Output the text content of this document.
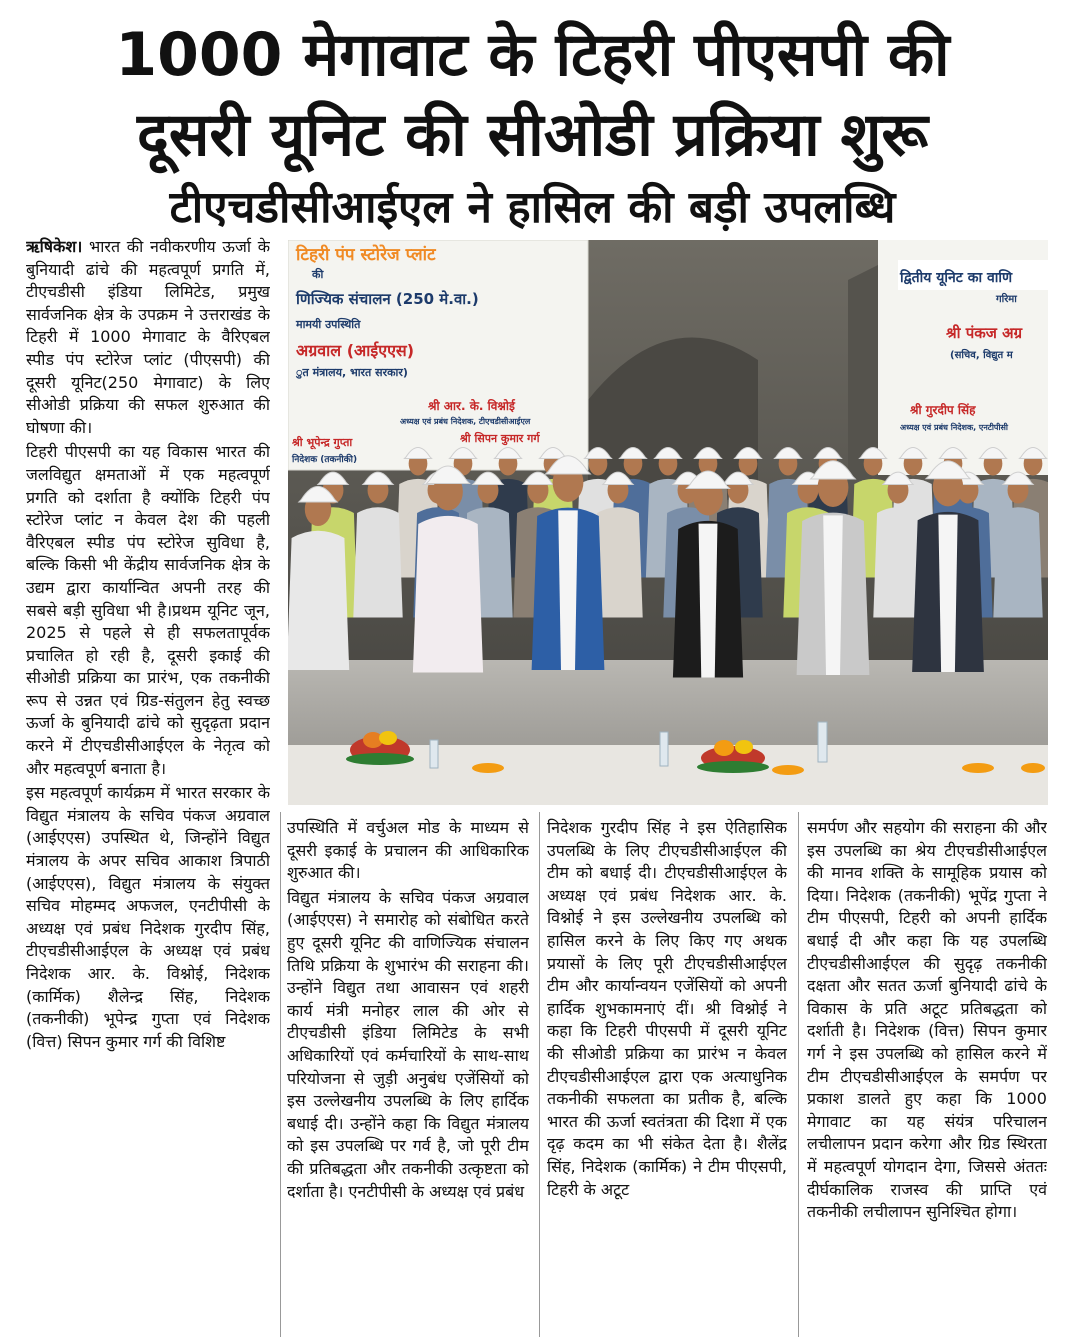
1000 मेगावाट के टिहरी पीएसपी की
दूसरी यूनिट की सीओडी प्रक्रिया शुरू
टीएचडीसीआईएल ने हासिल की बड़ी उपलब्धि

ऋषिकेश। भारत की नवीकरणीय ऊर्जा के बुनियादी ढांचे की महत्वपूर्ण प्रगति में, टीएचडीसी इंडिया लिमिटेड, प्रमुख सार्वजनिक क्षेत्र के उपक्रम ने उत्तराखंड के टिहरी में 1000 मेगावाट के वैरिएबल स्पीड पंप स्टोरेज प्लांट (पीएसपी) की दूसरी यूनिट(250 मेगावाट) के लिए सीओडी प्रक्रिया की सफल शुरुआत की घोषणा की।

टिहरी पीएसपी का यह विकास भारत की जलविद्युत क्षमताओं में एक महत्वपूर्ण प्रगति को दर्शाता है क्योंकि टिहरी पंप स्टोरेज प्लांट न केवल देश की पहली वैरिएबल स्पीड पंप स्टोरेज सुविधा है, बल्कि किसी भी केंद्रीय सार्वजनिक क्षेत्र के उद्यम द्वारा कार्यान्वित अपनी तरह की सबसे बड़ी सुविधा भी है।प्रथम यूनिट जून, 2025 से पहले से ही सफलतापूर्वक प्रचालित हो रही है, दूसरी इकाई की सीओडी प्रक्रिया का प्रारंभ, एक तकनीकी रूप से उन्नत एवं ग्रिड-संतुलन हेतु स्वच्छ ऊर्जा के बुनियादी ढांचे को सुदृढ़ता प्रदान करने में टीएचडीसीआईएल के नेतृत्व को और महत्वपूर्ण बनाता है।

इस महत्वपूर्ण कार्यक्रम में भारत सरकार के विद्युत मंत्रालय के सचिव पंकज अग्रवाल (आईएएस) उपस्थित थे, जिन्होंने विद्युत मंत्रालय के अपर सचिव आकाश त्रिपाठी (आईएएस), विद्युत मंत्रालय के संयुक्त सचिव मोहम्मद अफजल, एनटीपीसी के अध्यक्ष एवं प्रबंध निदेशक गुरदीप सिंह, टीएचडीसीआईएल के अध्यक्ष एवं प्रबंध निदेशक आर. के. विश्नोई, निदेशक (कार्मिक) शैलेन्द्र सिंह, निदेशक (तकनीकी) भूपेन्द्र गुप्ता एवं निदेशक (वित्त) सिपन कुमार गर्ग की विशिष्ट

टिहरी पंप स्टोरेज प्लांट
की
णिज्यिक संचालन (250 मे.वा.)
मामयी उपस्थिति
अग्रवाल (आईएएस)
ुत मंत्रालय, भारत सरकार)
श्री आर. के. विश्नोई
अध्यक्ष एवं प्रबंध निदेशक, टीएचडीसीआईएल
श्री भूपेन्द्र गुप्ता
निदेशक (तकनीकी)
श्री सिपन कुमार गर्ग
द्वितीय यूनिट का वाणि
गरिमा
श्री पंकज अग्र
(सचिव, विद्युत म
श्री गुरदीप सिंह
अध्यक्ष एवं प्रबंध निदेशक, एनटीपीसी

उपस्थिति में वर्चुअल मोड के माध्यम से दूसरी इकाई के प्रचालन की आधिकारिक शुरुआत की।

विद्युत मंत्रालय के सचिव पंकज अग्रवाल (आईएएस) ने समारोह को संबोधित करते हुए दूसरी यूनिट की वाणिज्यिक संचालन तिथि प्रक्रिया के शुभारंभ की सराहना की। उन्होंने विद्युत तथा आवासन एवं शहरी कार्य मंत्री मनोहर लाल की ओर से टीएचडीसी इंडिया लिमिटेड के सभी अधिकारियों एवं कर्मचारियों के साथ-साथ परियोजना से जुड़ी अनुबंध एजेंसियों को इस उल्लेखनीय उपलब्धि के लिए हार्दिक बधाई दी। उन्होंने कहा कि विद्युत मंत्रालय को इस उपलब्धि पर गर्व है, जो पूरी टीम की प्रतिबद्धता और तकनीकी उत्कृष्टता को दर्शाता है। एनटीपीसी के अध्यक्ष एवं प्रबंध

निदेशक गुरदीप सिंह ने इस ऐतिहासिक उपलब्धि के लिए टीएचडीसीआईएल की टीम को बधाई दी। टीएचडीसीआईएल के अध्यक्ष एवं प्रबंध निदेशक आर. के. विश्नोई ने इस उल्लेखनीय उपलब्धि को हासिल करने के लिए किए गए अथक प्रयासों के लिए पूरी टीएचडीसीआईएल टीम और कार्यान्वयन एजेंसियों को अपनी हार्दिक शुभकामनाएं दीं। श्री विश्नोई ने कहा कि टिहरी पीएसपी में दूसरी यूनिट की सीओडी प्रक्रिया का प्रारंभ न केवल टीएचडीसीआईएल द्वारा एक अत्याधुनिक तकनीकी सफलता का प्रतीक है, बल्कि भारत की ऊर्जा स्वतंत्रता की दिशा में एक दृढ़ कदम का भी संकेत देता है। शैलेंद्र सिंह, निदेशक (कार्मिक) ने टीम पीएसपी, टिहरी के अटूट

समर्पण और सहयोग की सराहना की और इस उपलब्धि का श्रेय टीएचडीसीआईएल की मानव शक्ति के सामूहिक प्रयास को दिया। निदेशक (तकनीकी) भूपेंद्र गुप्ता ने टीम पीएसपी, टिहरी को अपनी हार्दिक बधाई दी और कहा कि यह उपलब्धि टीएचडीसीआईएल की सुदृढ़ तकनीकी दक्षता और सतत ऊर्जा बुनियादी ढांचे के विकास के प्रति अटूट प्रतिबद्धता को दर्शाती है। निदेशक (वित्त) सिपन कुमार गर्ग ने इस उपलब्धि को हासिल करने में टीम टीएचडीसीआईएल के समर्पण पर प्रकाश डालते हुए कहा कि 1000 मेगावाट का यह संयंत्र परिचालन लचीलापन प्रदान करेगा और ग्रिड स्थिरता में महत्वपूर्ण योगदान देगा, जिससे अंततः दीर्घकालिक राजस्व की प्राप्ति एवं तकनीकी लचीलापन सुनिश्चित होगा।
